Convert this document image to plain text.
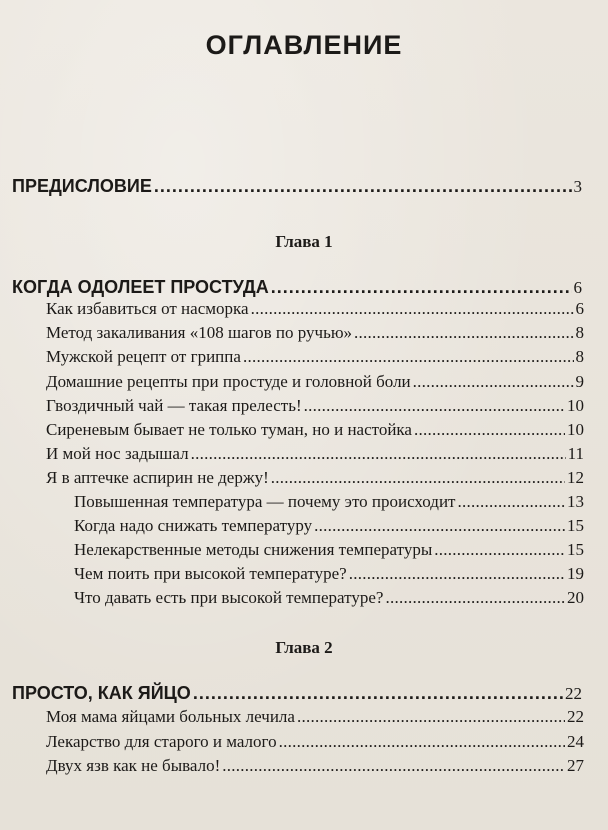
ОГЛАВЛЕНИЕ
ПРЕДИСЛОВИЕ . . .	3
Глава 1
КОГДА ОДОЛЕЕТ ПРОСТУДА . . .	6
Как избавиться от насморка . . .	6
Метод закаливания «108 шагов по ручью» . . .	8
Мужской рецепт от гриппа . . .	8
Домашние рецепты при простуде и головной боли . . .	9
Гвоздичный чай — такая прелесть! . . .	10
Сиреневым бывает не только туман, но и настойка . . .	10
И мой нос задышал . . .	11
Я в аптечке аспирин не держу! . . .	12
Повышенная температура — почему это происходит . . .	13
Когда надо снижать температуру . . .	15
Нелекарственные методы снижения температуры . . .	15
Чем поить при высокой температуре? . . .	19
Что давать есть при высокой температуре? . . .	20
Глава 2
ПРОСТО, КАК ЯЙЦО . . .	22
Моя мама яйцами больных лечила . . .	22
Лекарство для старого и малого . . .	24
Двух язв как не бывало! . . .	27
